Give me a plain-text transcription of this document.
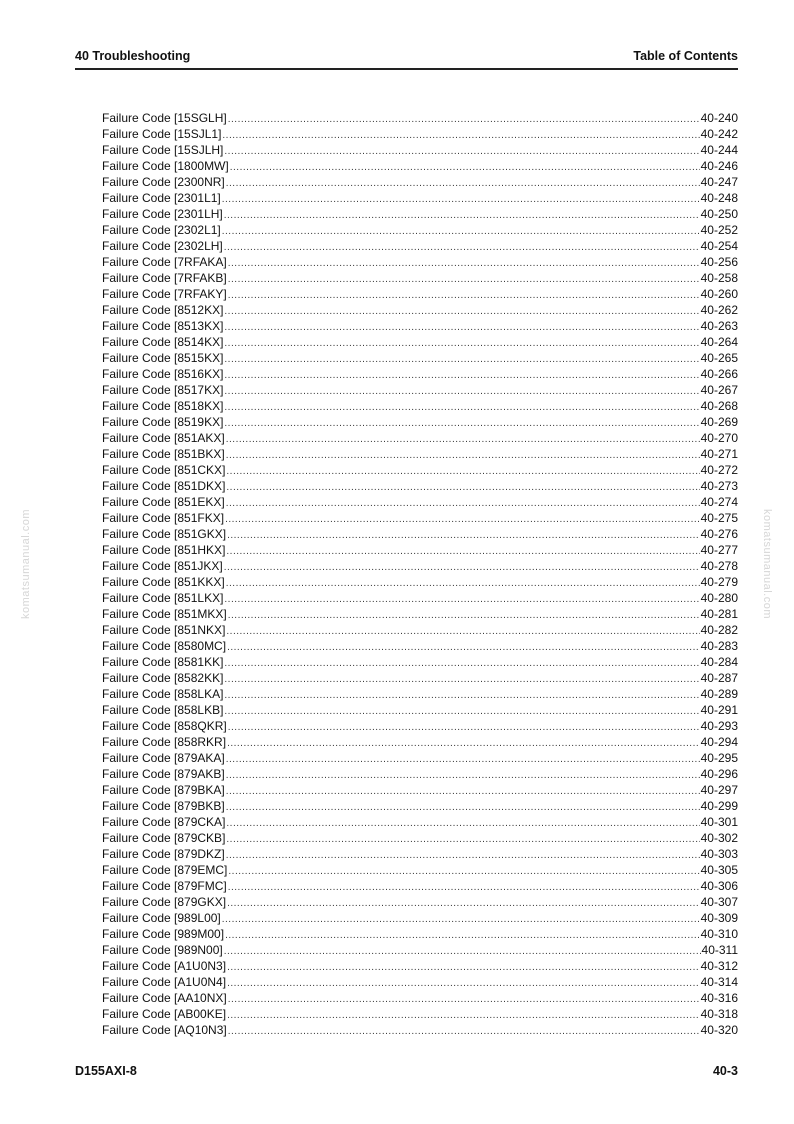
40 Troubleshooting	Table of Contents
komatsumanual.com	komatsumanual.com
Failure Code [15SGLH] .....	40-240
Failure Code [15SJL1] .....	40-242
Failure Code [15SJLH] .....	40-244
Failure Code [1800MW] .....	40-246
Failure Code [2300NR] .....	40-247
Failure Code [2301L1] .....	40-248
Failure Code [2301LH] .....	40-250
Failure Code [2302L1] .....	40-252
Failure Code [2302LH] .....	40-254
Failure Code [7RFAKA] .....	40-256
Failure Code [7RFAKB] .....	40-258
Failure Code [7RFAKY] .....	40-260
Failure Code [8512KX] .....	40-262
Failure Code [8513KX] .....	40-263
Failure Code [8514KX] .....	40-264
Failure Code [8515KX] .....	40-265
Failure Code [8516KX] .....	40-266
Failure Code [8517KX] .....	40-267
Failure Code [8518KX] .....	40-268
Failure Code [8519KX] .....	40-269
Failure Code [851AKX] .....	40-270
Failure Code [851BKX] .....	40-271
Failure Code [851CKX] .....	40-272
Failure Code [851DKX] .....	40-273
Failure Code [851EKX] .....	40-274
Failure Code [851FKX] .....	40-275
Failure Code [851GKX] .....	40-276
Failure Code [851HKX] .....	40-277
Failure Code [851JKX] .....	40-278
Failure Code [851KKX] .....	40-279
Failure Code [851LKX] .....	40-280
Failure Code [851MKX] .....	40-281
Failure Code [851NKX] .....	40-282
Failure Code [8580MC] .....	40-283
Failure Code [8581KK] .....	40-284
Failure Code [8582KK] .....	40-287
Failure Code [858LKA] .....	40-289
Failure Code [858LKB] .....	40-291
Failure Code [858QKR] .....	40-293
Failure Code [858RKR] .....	40-294
Failure Code [879AKA] .....	40-295
Failure Code [879AKB] .....	40-296
Failure Code [879BKA] .....	40-297
Failure Code [879BKB] .....	40-299
Failure Code [879CKA] .....	40-301
Failure Code [879CKB] .....	40-302
Failure Code [879DKZ] .....	40-303
Failure Code [879EMC] .....	40-305
Failure Code [879FMC] .....	40-306
Failure Code [879GKX] .....	40-307
Failure Code [989L00] .....	40-309
Failure Code [989M00] .....	40-310
Failure Code [989N00] .....	40-311
Failure Code [A1U0N3] .....	40-312
Failure Code [A1U0N4] .....	40-314
Failure Code [AA10NX] .....	40-316
Failure Code [AB00KE] .....	40-318
Failure Code [AQ10N3] .....	40-320
D155AXI-8	40-3
